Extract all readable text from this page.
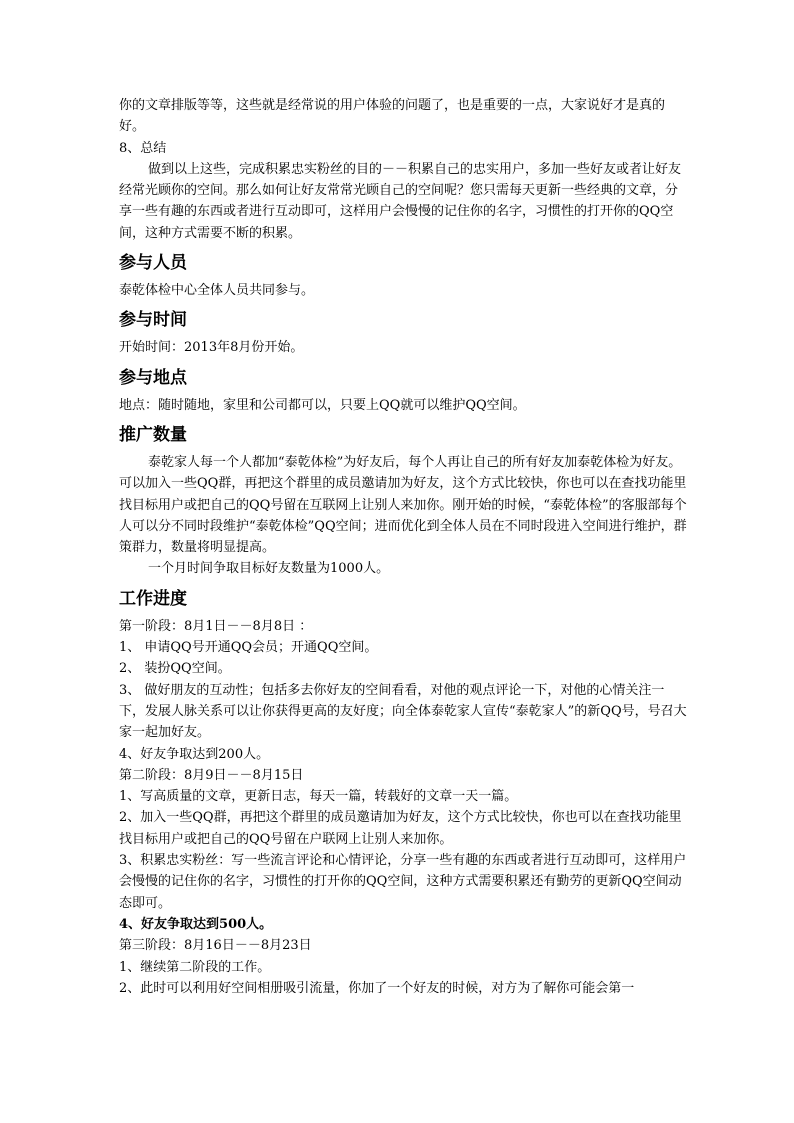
你的文章排版等等，这些就是经常说的用户体验的问题了，也是重要的一点，大家说好才是真的好。

8、总结

做到以上这些，完成积累忠实粉丝的目的－－积累自己的忠实用户，多加一些好友或者让好友经常光顾你的空间。那么如何让好友常常光顾自己的空间呢？您只需每天更新一些经典的文章，分享一些有趣的东西或者进行互动即可，这样用户会慢慢的记住你的名字，习惯性的打开你的QQ空间，这种方式需要不断的积累。

参与人员

泰乾体检中心全体人员共同参与。

参与时间

开始时间：2013年8月份开始。

参与地点

地点：随时随地，家里和公司都可以，只要上QQ就可以维护QQ空间。

推广数量

泰乾家人每一个人都加“泰乾体检”为好友后，每个人再让自己的所有好友加泰乾体检为好友。可以加入一些QQ群，再把这个群里的成员邀请加为好友，这个方式比较快，你也可以在查找功能里找目标用户或把自己的QQ号留在互联网上让别人来加你。刚开始的时候，“泰乾体检”的客服部每个人可以分不同时段维护“泰乾体检”QQ空间；进而优化到全体人员在不同时段进入空间进行维护，群策群力，数量将明显提高。

一个月时间争取目标好友数量为1000人。

工作进度

第一阶段：8月1日－－8月8日 ：

1、 申请QQ号开通QQ会员；开通QQ空间。

2、 装扮QQ空间。

3、 做好朋友的互动性；包括多去你好友的空间看看，对他的观点评论一下，对他的心情关注一下，发展人脉关系可以让你获得更高的友好度；向全体泰乾家人宣传“泰乾家人”的新QQ号，号召大家一起加好友。

4、好友争取达到200人。

第二阶段：8月9日－－8月15日

1、写高质量的文章，更新日志，每天一篇，转载好的文章一天一篇。

2、加入一些QQ群，再把这个群里的成员邀请加为好友，这个方式比较快，你也可以在查找功能里找目标用户或把自己的QQ号留在户联网上让别人来加你。

3、积累忠实粉丝：写一些流言评论和心情评论，分享一些有趣的东西或者进行互动即可，这样用户会慢慢的记住你的名字，习惯性的打开你的QQ空间，这种方式需要积累还有勤劳的更新QQ空间动态即可。

4、好友争取达到500人。

第三阶段：8月16日－－8月23日

1、继续第二阶段的工作。

2、此时可以利用好空间相册吸引流量，你加了一个好友的时候，对方为了解你可能会第一
